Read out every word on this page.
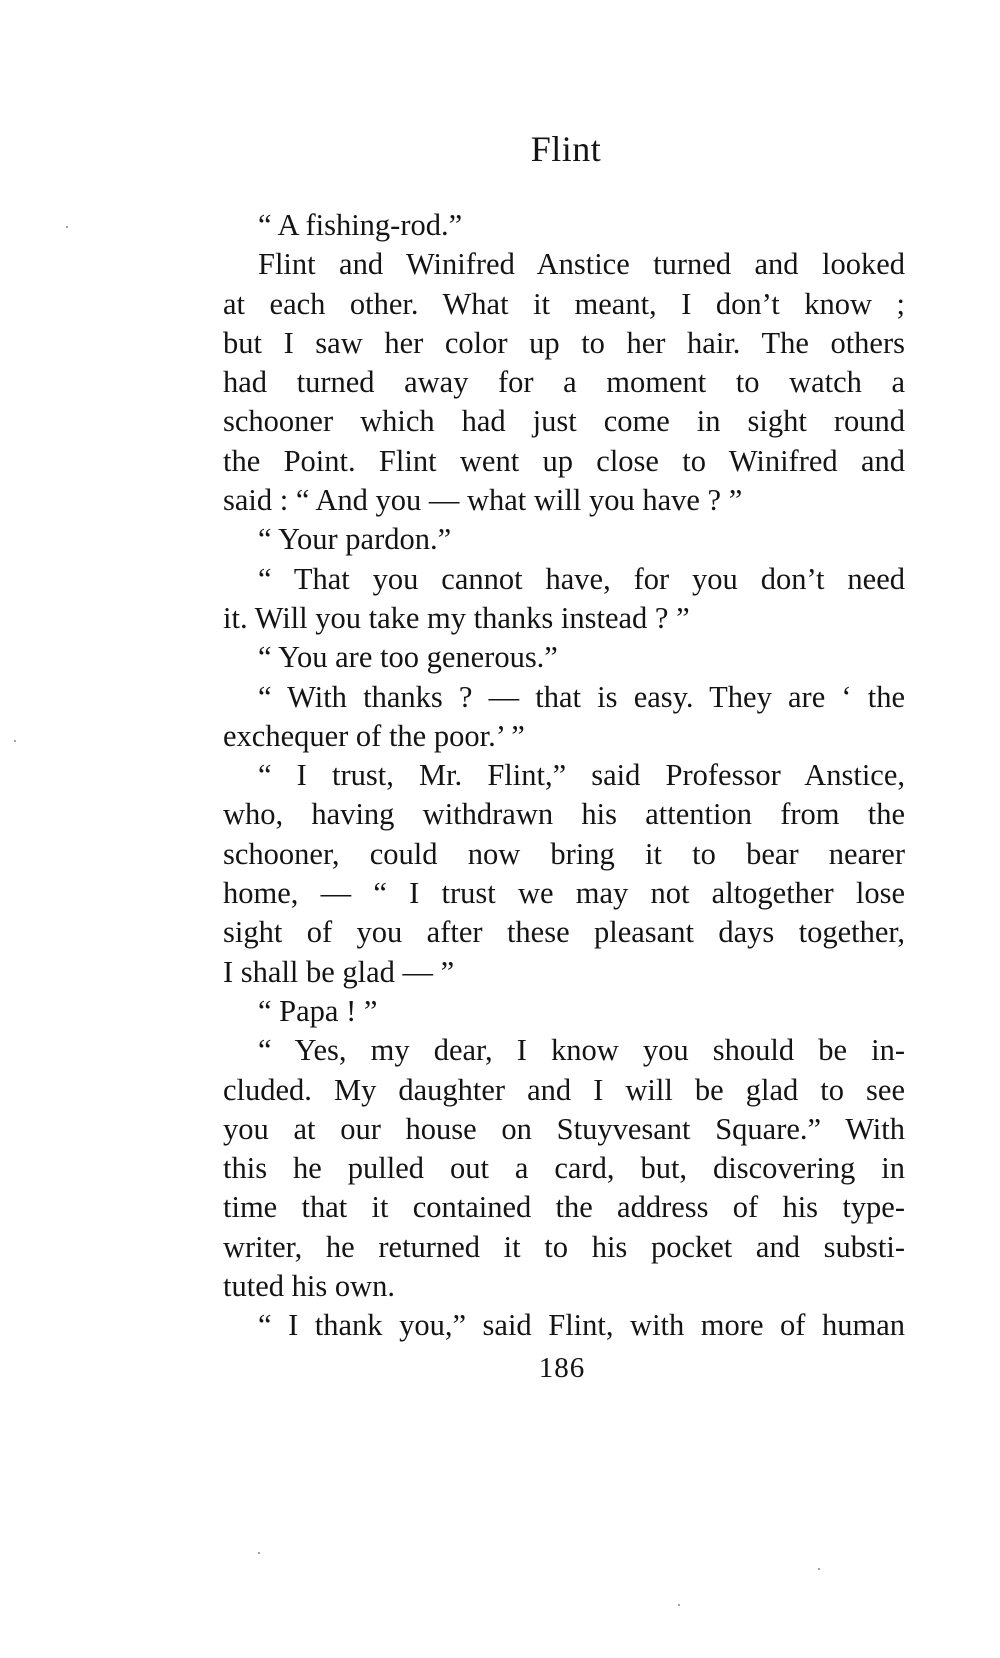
Flint
“ A fishing-rod.”
Flint and Winifred Anstice turned and looked
at each other. What it meant, I don’t know ;
but I saw her color up to her hair. The others
had turned away for a moment to watch a
schooner which had just come in sight round
the Point. Flint went up close to Winifred and
said : “ And you — what will you have ? ”
“ Your pardon.”
“ That you cannot have, for you don’t need
it. Will you take my thanks instead ? ”
“ You are too generous.”
“ With thanks ? — that is easy. They are ‘ the
exchequer of the poor.’ ”
“ I trust, Mr. Flint,” said Professor Anstice,
who, having withdrawn his attention from the
schooner, could now bring it to bear nearer
home, — “ I trust we may not altogether lose
sight of you after these pleasant days together,
I shall be glad — ”
“ Papa ! ”
“ Yes, my dear, I know you should be in-
cluded. My daughter and I will be glad to see
you at our house on Stuyvesant Square.” With
this he pulled out a card, but, discovering in
time that it contained the address of his type-
writer, he returned it to his pocket and substi-
tuted his own.
“ I thank you,” said Flint, with more of human
186
